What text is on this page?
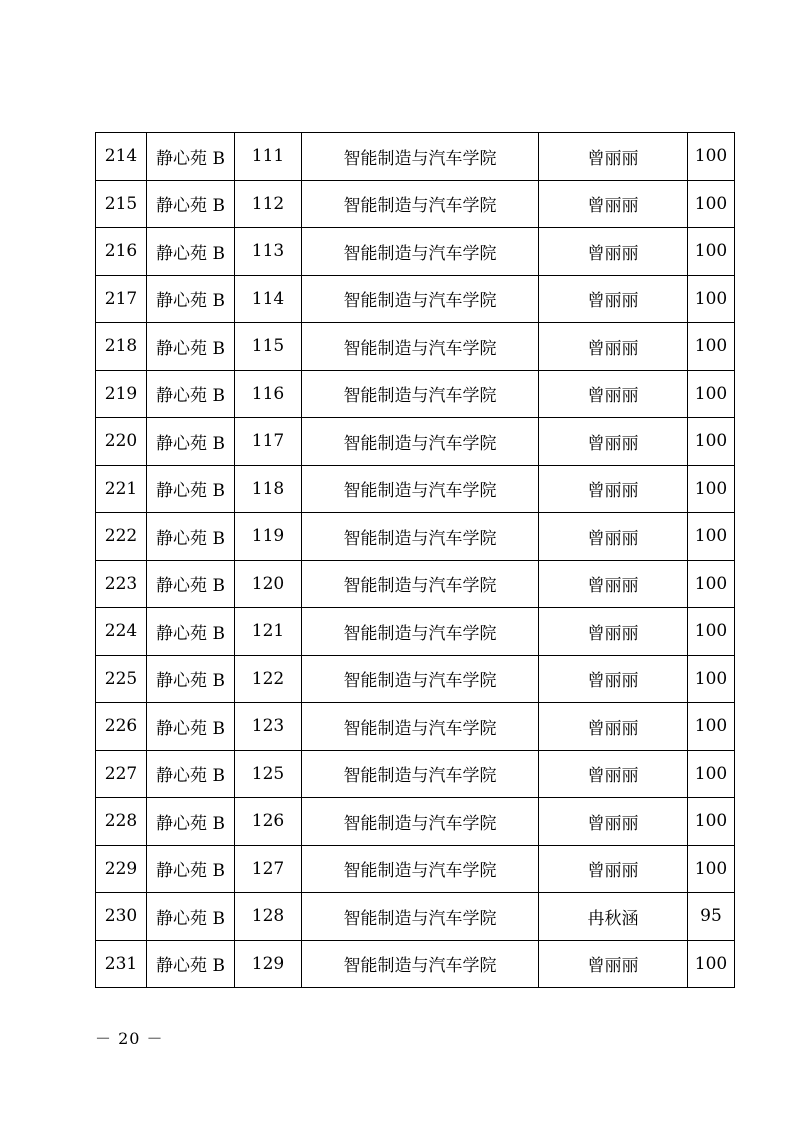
214	静心苑 B	111	智能制造与汽车学院	曾丽丽	100
215	静心苑 B	112	智能制造与汽车学院	曾丽丽	100
216	静心苑 B	113	智能制造与汽车学院	曾丽丽	100
217	静心苑 B	114	智能制造与汽车学院	曾丽丽	100
218	静心苑 B	115	智能制造与汽车学院	曾丽丽	100
219	静心苑 B	116	智能制造与汽车学院	曾丽丽	100
220	静心苑 B	117	智能制造与汽车学院	曾丽丽	100
221	静心苑 B	118	智能制造与汽车学院	曾丽丽	100
222	静心苑 B	119	智能制造与汽车学院	曾丽丽	100
223	静心苑 B	120	智能制造与汽车学院	曾丽丽	100
224	静心苑 B	121	智能制造与汽车学院	曾丽丽	100
225	静心苑 B	122	智能制造与汽车学院	曾丽丽	100
226	静心苑 B	123	智能制造与汽车学院	曾丽丽	100
227	静心苑 B	125	智能制造与汽车学院	曾丽丽	100
228	静心苑 B	126	智能制造与汽车学院	曾丽丽	100
229	静心苑 B	127	智能制造与汽车学院	曾丽丽	100
230	静心苑 B	128	智能制造与汽车学院	冉秋涵	95
231	静心苑 B	129	智能制造与汽车学院	曾丽丽	100
－ 20 －
